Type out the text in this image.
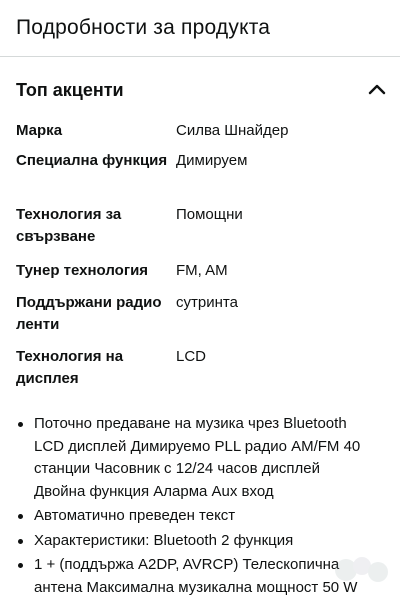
Подробности за продукта
Топ акценти
Марка	Силва Шнайдер
Специална функция Димируем
Технология за свързване
Помощни
Тунер технология	FM, AM
Поддържани радио ленти
сутринта
Технология на дисплея
LCD
Поточно предаване на музика чрез Bluetooth
LCD дисплей Димируемо PLL радио AM/FM 40
станции Часовник с 12/24 часов дисплей
Двойна функция Аларма Aux вход
Автоматично преведен текст
Характеристики: Bluetooth 2 функция
1 + (поддържа A2DP, AVRCP) Телескопична
антена Максимална музикална мощност 50 W
